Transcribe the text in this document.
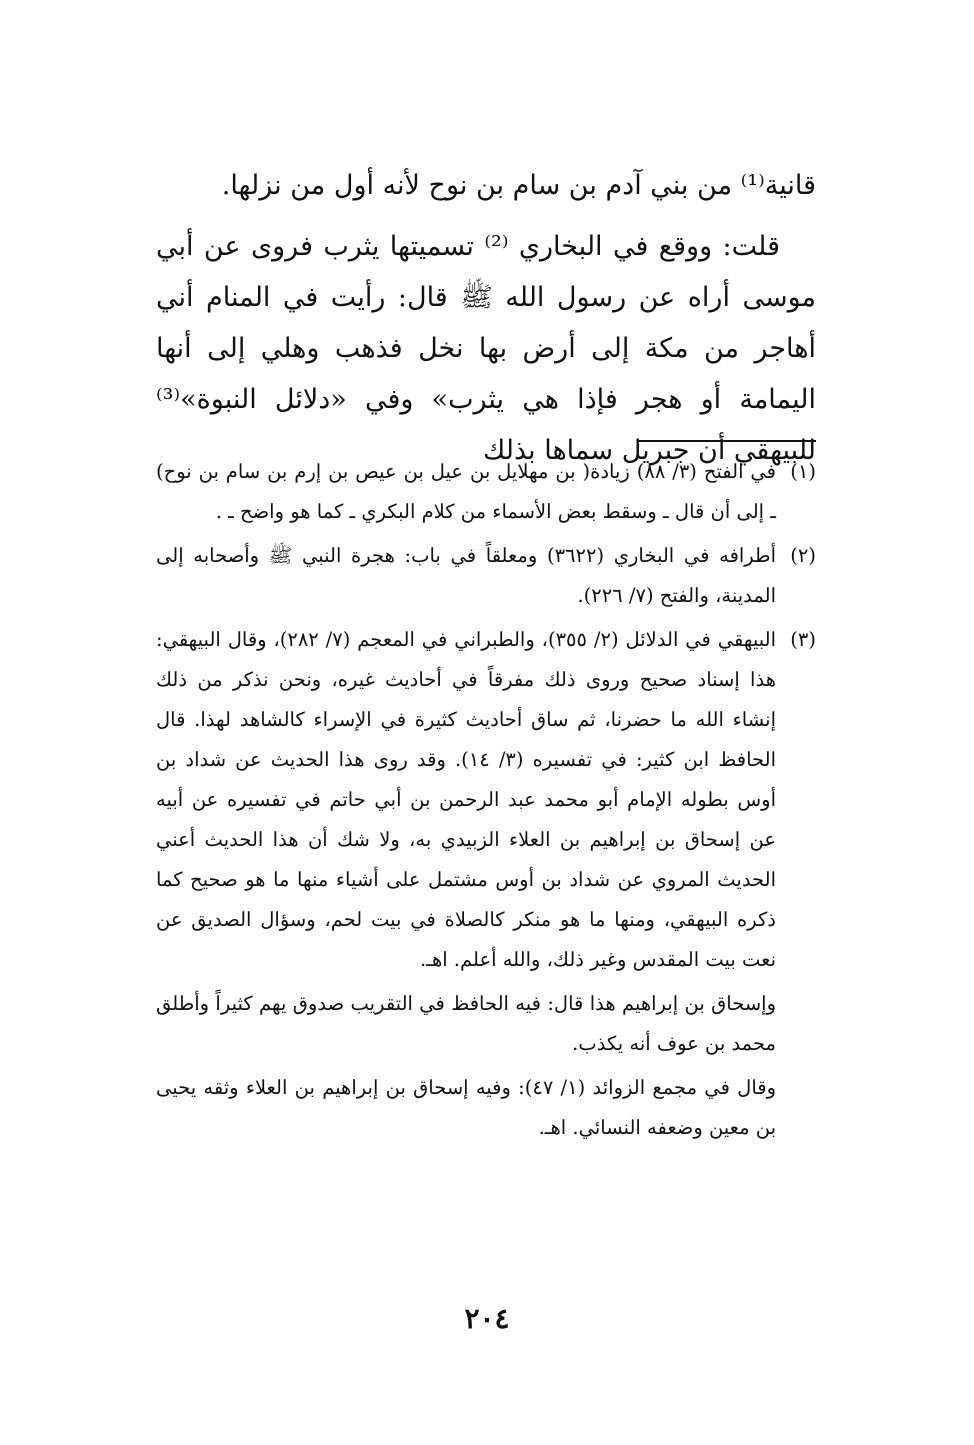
قانية⁽¹⁾ من بني آدم بن سام بن نوح لأنه أول من نزلها.

قلت: ووقع في البخاري ⁽²⁾ تسميتها يثرب فروى عن أبي موسى أراه عن رسول الله ﷺ قال: رأيت في المنام أني أهاجر من مكة إلى أرض بها نخل فذهب وهلي إلى أنها اليمامة أو هجر فإذا هي يثرب» وفي «دلائل النبوة»⁽³⁾ للبيهقي أن جبريل سماها بذلك

(١)

في الفتح (٣/ ٨٨) زيادة( بن مهلايل بن عيل بن عيص بن إرم بن سام بن نوح) ـ إلى أن قال ـ وسقط بعض الأسماء من كلام البكري ـ كما هو واضح ـ .

(٢)

أطرافه في البخاري (٣٦٢٢) ومعلقاً في باب: هجرة النبي ﷺ وأصحابه إلى المدينة، والفتح (٧/ ٢٢٦).

(٣)

البيهقي في الدلائل (٢/ ٣٥٥)، والطبراني في المعجم (٧/ ٢٨٢)، وقال البيهقي: هذا إسناد صحيح وروى ذلك مفرقاً في أحاديث غيره، ونحن نذكر من ذلك إنشاء الله ما حضرنا، ثم ساق أحاديث كثيرة في الإسراء كالشاهد لهذا. قال الحافظ ابن كثير: في تفسيره (٣/ ١٤). وقد روى هذا الحديث عن شداد بن أوس بطوله الإمام أبو محمد عبد الرحمن بن أبي حاتم في تفسيره عن أبيه عن إسحاق بن إبراهيم بن العلاء الزبيدي به، ولا شك أن هذا الحديث أعني الحديث المروي عن شداد بن أوس مشتمل على أشياء منها ما هو صحيح كما ذكره البيهقي، ومنها ما هو منكر كالصلاة في بيت لحم، وسؤال الصديق عن نعت بيت المقدس وغير ذلك، والله أعلم. اهـ.

وإسحاق بن إبراهيم هذا قال: فيه الحافظ في التقريب صدوق يهم كثيراً وأطلق محمد بن عوف أنه يكذب.

وقال في مجمع الزوائد (١/ ٤٧): وفيه إسحاق بن إبراهيم بن العلاء وثقه يحيى بن معين وضعفه النسائي. اهـ.

٢٠٤
